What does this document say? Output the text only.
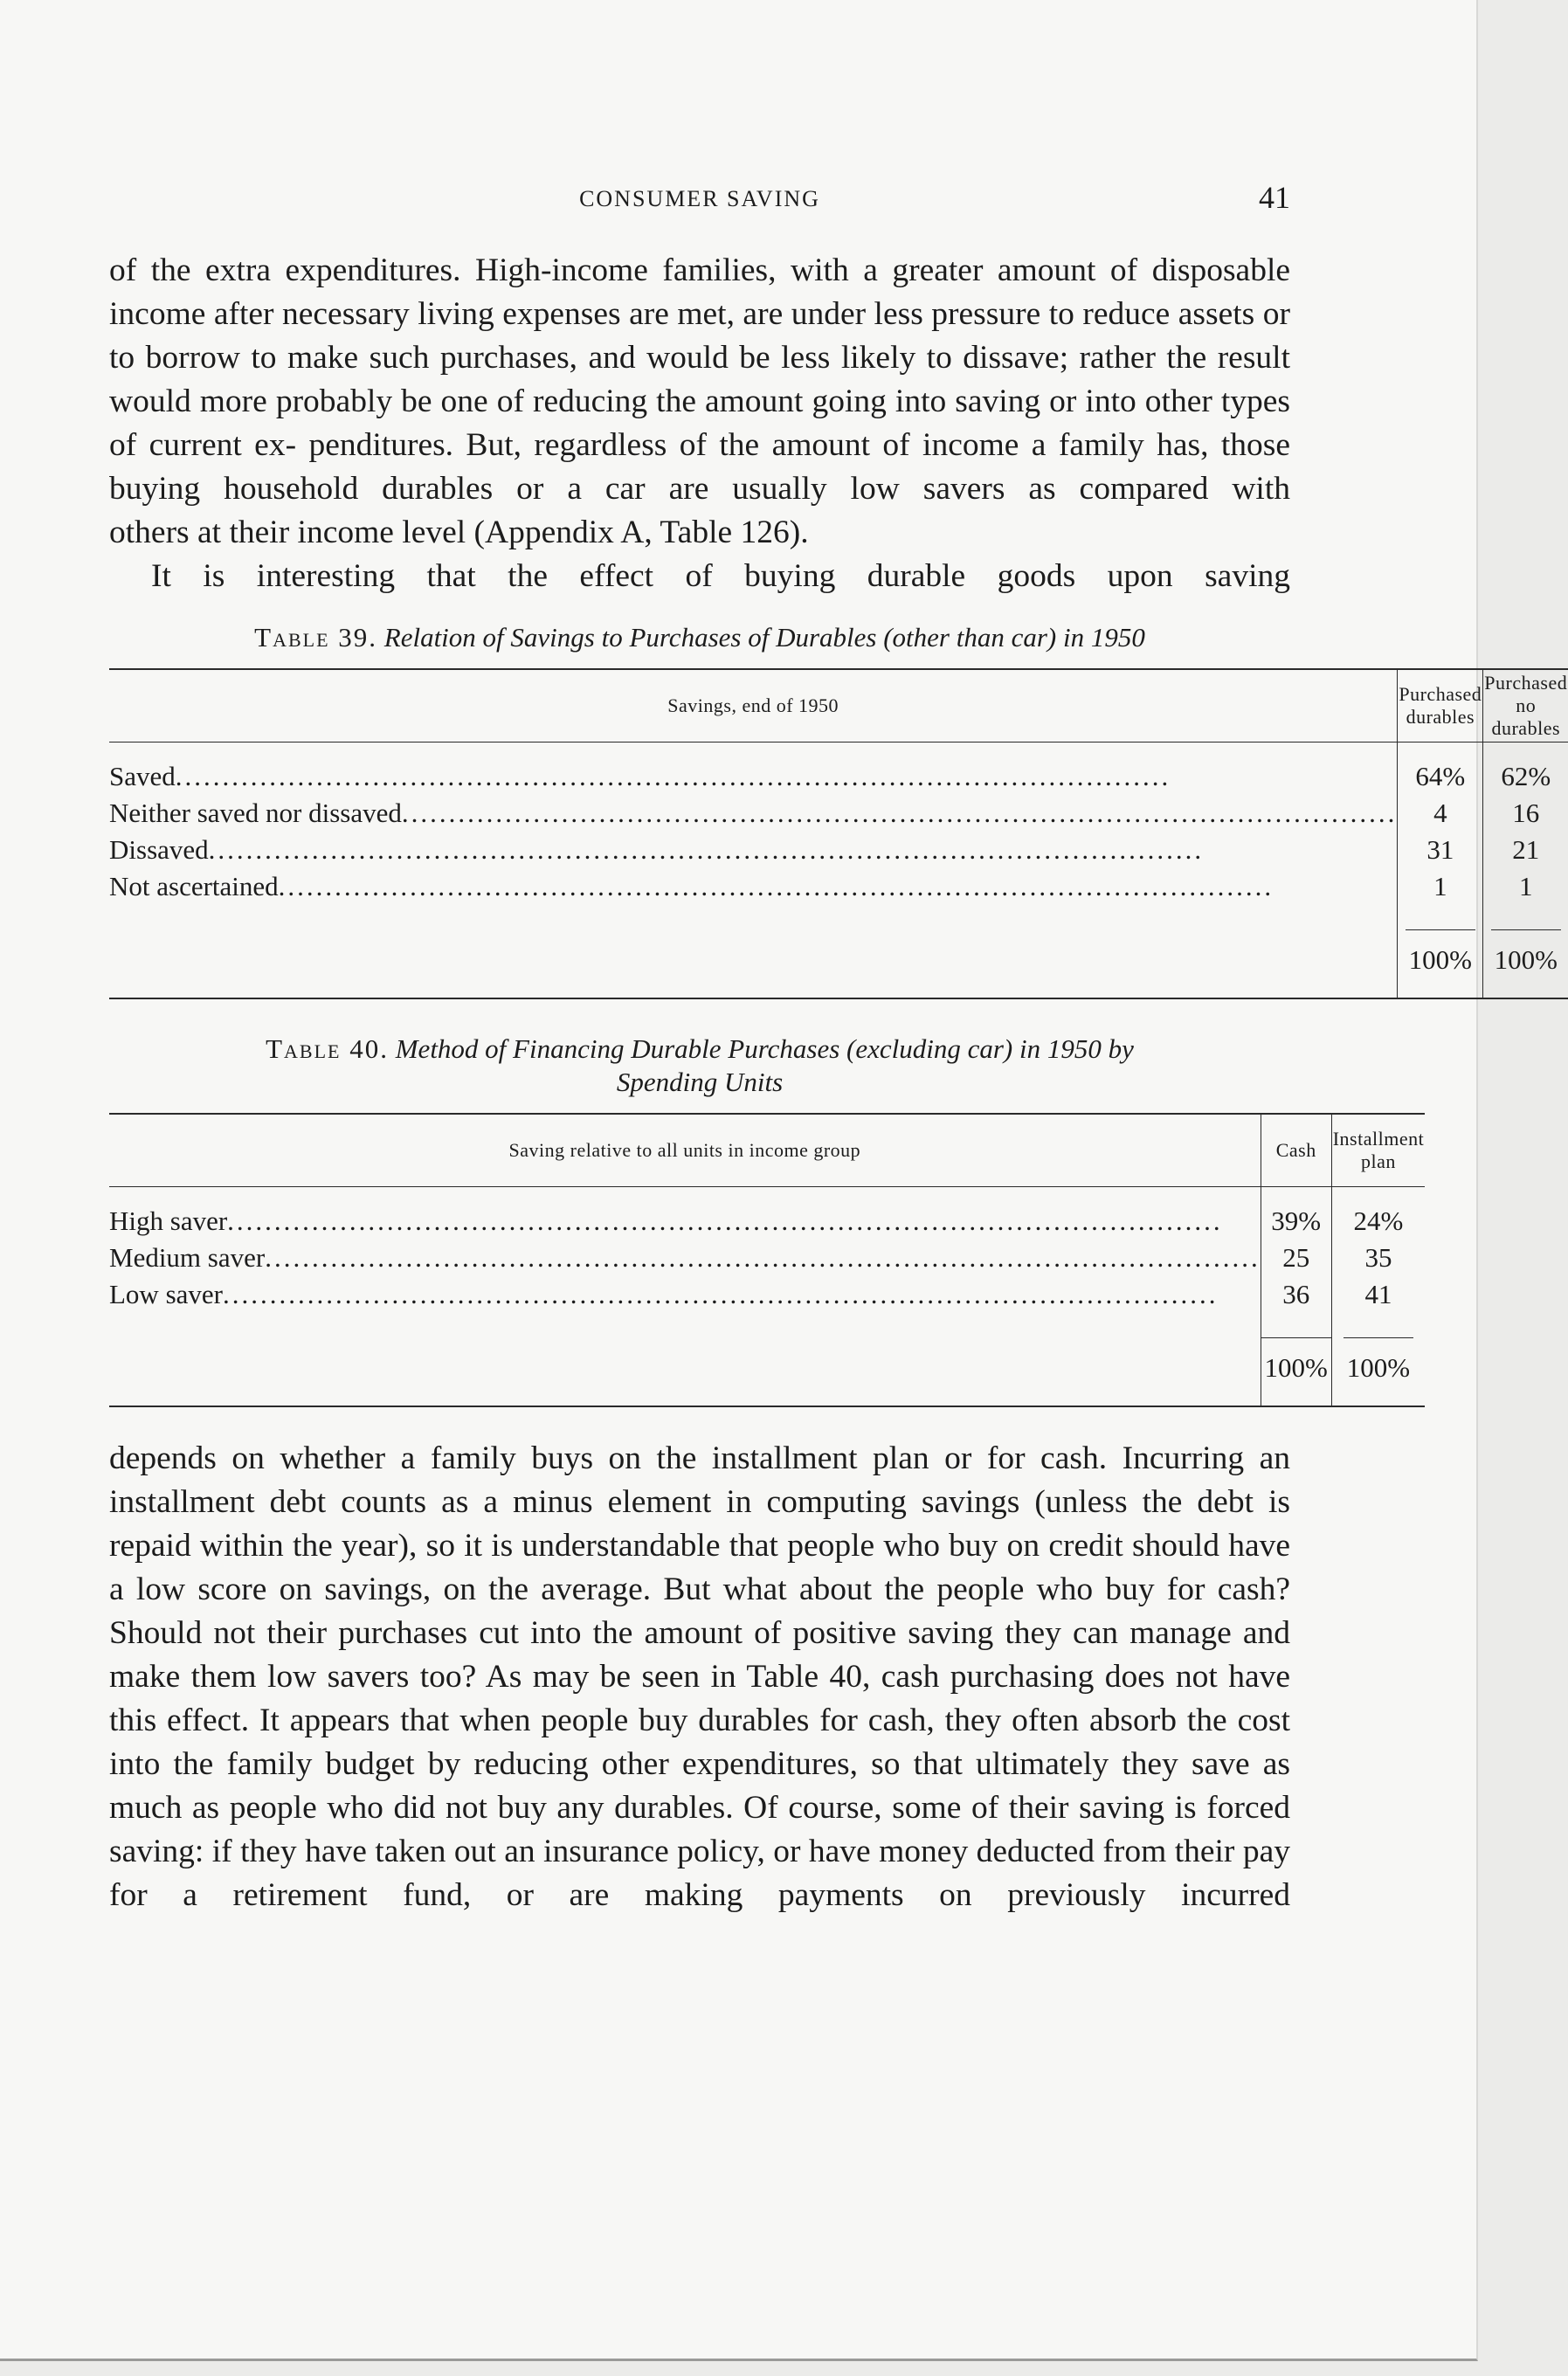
CONSUMER SAVING	41

of the extra expenditures. High-income families, with a greater amount of disposable income after necessary living expenses are met, are under less pressure to reduce assets or to borrow to make such purchases, and would be less likely to dissave; rather the result would more probably be one of reducing the amount going into saving or into other types of current ex- penditures. But, regardless of the amount of income a family has, those buying household durables or a car are usually low savers as compared with
others at their income level (Appendix A, Table 126).

It is interesting that the effect of buying durable goods upon saving

Table 39. Relation of Savings to Purchases of Durables (other than car) in 1950

Savings, end of 1950	Purchased durables	Purchased no durables

Saved ..........................................................................................................	64%	62%

Neither saved nor dissaved ..........................................................................................................	4	16

Dissaved ..........................................................................................................	31	21

Not ascertained ..........................................................................................................	1	1

	100%	100%

Table 40. Method of Financing Durable Purchases (excluding car) in 1950 by
Spending Units

Saving relative to all units in income group	Cash	Installment plan

High saver ..........................................................................................................	39%	24%

Medium saver ..........................................................................................................	25	35

Low saver ..........................................................................................................	36	41

	100%	100%

depends on whether a family buys on the installment plan or for cash. Incurring an installment debt counts as a minus element in computing savings (unless the debt is repaid within the year), so it is understandable that people who buy on credit should have a low score on savings, on the average. But what about the people who buy for cash? Should not their purchases cut into the amount of positive saving they can manage and make them low savers too? As may be seen in Table 40, cash purchasing does not have this effect. It appears that when people buy durables for cash, they often absorb the cost into the family budget by reducing other expenditures, so that ultimately they save as much as people who did not buy any durables. Of course, some of their saving is forced saving: if they have taken out an insurance policy, or have money deducted from their pay for a retirement fund, or are making payments on previously incurred
